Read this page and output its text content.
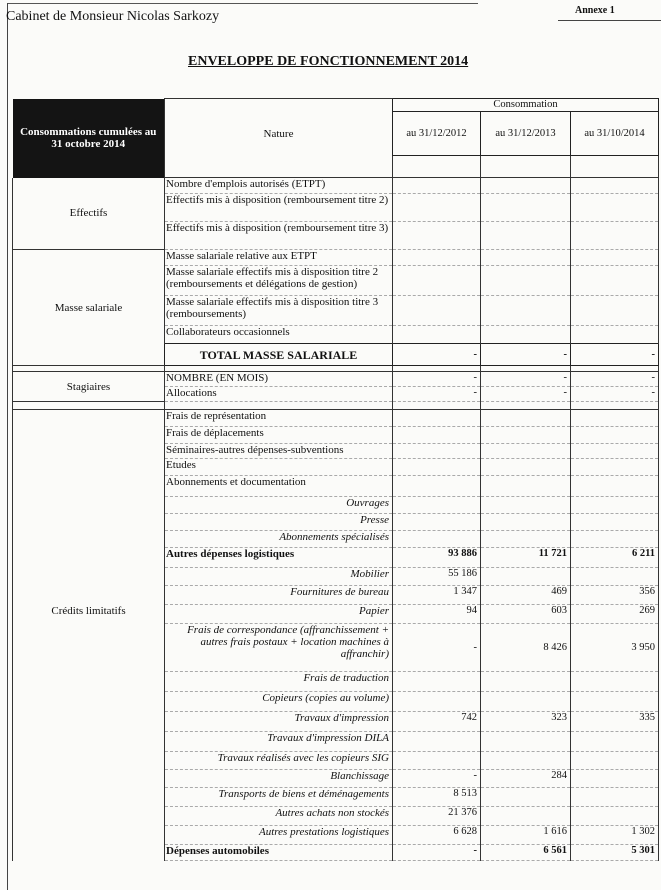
Cabinet de Monsieur Nicolas Sarkozy	Annexe 1
ENVELOPPE DE FONCTIONNEMENT 2014
Consommations cumulées au 31 octobre 2014		Consommation		
	Nature	au 31/12/2012	au 31/12/2013	au 31/10/2014

Effectifs	Nombre d'emplois autorisés (ETPT)			
	Effectifs mis à disposition (remboursement titre 2)			
	Effectifs mis à disposition (remboursement titre 3)			
Masse salariale	Masse salariale relative aux ETPT			
	Masse salariale effectifs mis à disposition titre 2 (remboursements et délégations de gestion)			
	Masse salariale effectifs mis à disposition titre 3 (remboursements)			
	Collaborateurs occasionnels			
	TOTAL MASSE SALARIALE	-	-	-

Stagiaires	NOMBRE (EN MOIS)	-	-	-
	Allocations	-	-	-

Crédits limitatifs	Frais de représentation			
	Frais de déplacements			
	Séminaires-autres dépenses-subventions			
	Etudes			
	Abonnements et documentation			
	Ouvrages			
	Presse			
	Abonnements spécialisés			
	Autres dépenses logistiques	93 886	11 721	6 211
	Mobilier	55 186		
	Fournitures de bureau	1 347	469	356
	Papier	94	603	269
	Frais de correspondance (affranchissement + autres frais postaux + location machines à affranchir)	-	8 426	3 950
	Frais de traduction			
	Copieurs (copies au volume)			
	Travaux d'impression	742	323	335
	Travaux d'impression DILA			
	Travaux réalisés avec les copieurs SIG			
	Blanchissage	-	284	
	Transports de biens et déménagements	8 513		
	Autres achats non stockés	21 376		
	Autres prestations logistiques	6 628	1 616	1 302
	Dépenses automobiles	-	6 561	5 301
